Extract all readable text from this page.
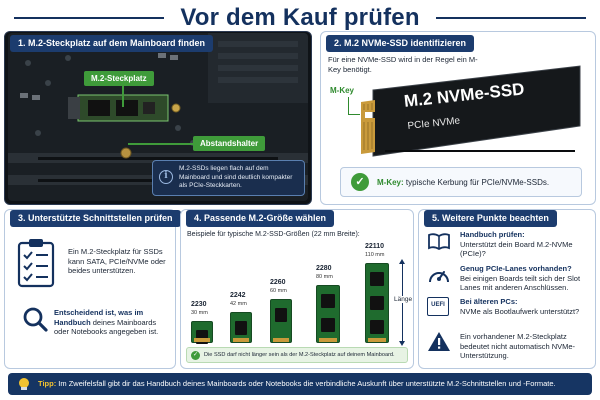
Vor dem Kauf prüfen
1. M.2-Steckplatz auf dem Mainboard finden
M.2-Steckplatz
Abstandshalter
i
M.2-SSDs liegen flach auf dem Mainboard und sind deutlich kompakter als PCIe-Steckkarten.
2. M.2 NVMe-SSD identifizieren
Für eine NVMe-SSD wird in der Regel ein M-Key benötigt.
M-Key	M.2 NVMe-SSD
PCIe NVMe
✓	M-Key: typische Kerbung für PCIe/NVMe-SSDs.
3. Unterstützte Schnittstellen prüfen
Ein M.2-Steckplatz für SSDs kann SATA, PCIe/NVMe oder beides unterstützen.
Entscheidend ist, was im Handbuch deines Mainboards oder Notebooks angegeben ist.
4. Passende M.2-Größe wählen
Beispiele für typische M.2-SSD-Größen (22 mm Breite):
2230
30 mm
2242
42 mm
2260
60 mm
2280
80 mm
22110
110 mm
Länge
✓	Die SSD darf nicht länger sein als der M.2-Steckplatz auf deinem Mainboard.
5. Weitere Punkte beachten
Handbuch prüfen:
Unterstützt dein Board M.2-NVMe (PCIe)?
Genug PCIe-Lanes vorhanden?
Bei einigen Boards teilt sich der Slot Lanes mit anderen Anschlüssen.
UEFI	Bei älteren PCs:
NVMe als Bootlaufwerk unterstützt?
Ein vorhandener M.2-Steckplatz bedeutet nicht automatisch NVMe-Unterstützung.
Tipp: Im Zweifelsfall gibt dir das Handbuch deines Mainboards oder Notebooks die verbindliche Auskunft über unterstützte M.2-Schnittstellen und -Formate.
